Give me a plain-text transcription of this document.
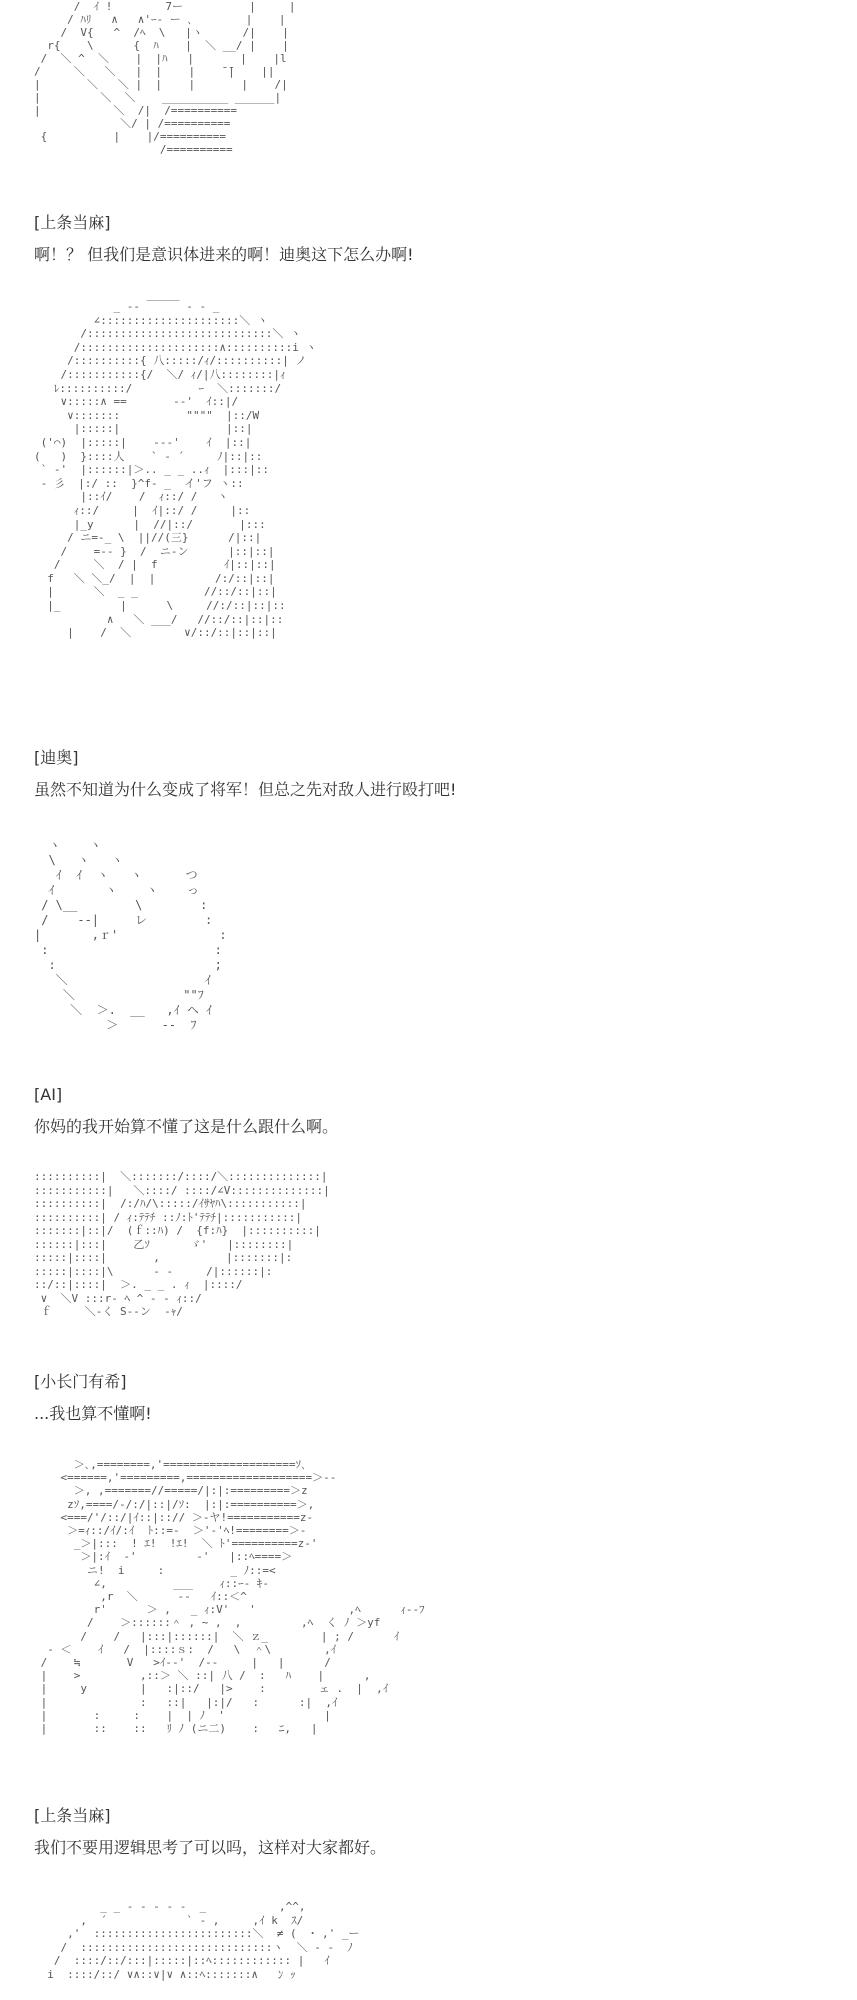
/  ｲ !        7ー          |     |
/ ﾊﾘ   ∧   ∧'ｰ- ー ､        |    |
/  V{   ^  /ﾍ  \   |ヽ      /|    |
r{    \      {  ﾊ    |  ＼ __/ |    |
/  ＼ ^  ＼    |  |ﾊ   |       |    |l
/     ＼   ＼   |  |    |    ̄ ̄|    ||
|       ＼   ＼ |  |    |       |    /|
|         ＼  ＼    __________ ______|
|           ＼  /|  /==========
＼/ | /==========
{          |    |/==========
/==========
[上条当麻]
啊！？ 但我们是意识体进来的啊！迪奥这下怎么办啊!
_ -‐ ￣￣￣ ‐ - _
∠:::::::::::::::::::::＼ ヽ
/::::::::::::::::::::::::::::＼ ヽ
/:::::::::::::::::::::∧::::::::::i ヽ
/::::::::::{ 八:::::/ｨ/::::::::::| ノ
/:::::::::::{/  ＼/ ｨ/|八::::::::|ｨ
ﾚ::::::::::/          ｰ  ＼:::::::/
∨:::::∧ ==       -‐'  ｲ::|/
∨:::::::          """"  |::/W
|:::::|                |::|
('⌒)  |:::::|    ‐‐‐'    ｲ  |::|
(   )  }::::人    ` ‐ ´     ﾉ|::|::
` ‐'  |::::::|＞.. _ _ ..ｨ  |:::|::
‐ 彡  |:/ ::  }^f- _  イ'フ ヽ::
|::ｲ/    /  ｨ::/ /   ヽ
ｨ::/     |  ｲ|::/ /     |::
|_y      |  //|::/       |:::
/ ニ=-_ \  ||//(三}      /|::|
/    =-‐ }  /  ニ-ン      |::|::|
/     ＼  / |  f          ｲ|::|::|
f   ＼ ＼_/  |  |         /:/::|::|
|      ＼  _ _          //::/::|::|
|_         |      \     //:/::|::|::
∧   ＼ ___/   //::/::|::|::
|    /  ＼        ∨/::/::|::|::|
[迪奥]
虽然不知道为什么变成了将军！但总之先对敌人进行殴打吧!
ヽ    ヽ
\   ヽ   ヽ
ｲ  ｲ  ヽ   ヽ      つ
ｲ       ヽ    ヽ    っ
/ \__        \        :
/    ‐‐|     レ        :
|       ,ｒ'              :
:                       :
:                      ;
＼                   ｲ
＼               ""ﾌ
＼  ＞.  __   ,ｲ ヘ ｲ
＞      ‐‐  ﾌ
[AI]
你妈的我开始算不懂了这是什么跟什么啊。
::::::::::|  ＼:::::::/::::/＼::::::::::::::|
:::::::::::|   ＼::::/ ::::/∠V::::::::::::::|
::::::::::|  /:/ﾊ/\:::::/ｲｻﾔﾊ\:::::::::::|
::::::::::| / ｨ:ﾃﾃﾁ ::ﾉ:ﾄ'ﾃﾃﾁ|:::::::::::|
:::::::|::|/  (ｆ::ﾊ) /  {f:ﾊ}  |::::::::::|
::::::|:::|    乙ｿ      ゞ'   |::::::::|
:::::|::::|       ,          |:::::::|:
:::::|::::|\      ‐ ‐     /|::::::|:
::/::|::::|  ＞. _ _ . ｨ  |::::/
∨  ＼V :::r- ﾍ ^ - ‐ ｨ::/
ｆ     ＼‐く S-‐ン  ‐ｬ/
[小长门有希]
...我也算不懂啊!
＞､,========,'====================ｿ､
<======,'=========,===================＞‐‐
＞, ,=======//=====/|:|:=========＞z
zｿ,====/‐/:/|::|/ｿ:  |:|:==========＞,
<===/'/::/|ｲ::|::// ＞‐ヤ!===========z‐
＞=ｨ::/ｲ/:ｲ  ﾄ::=-  ＞'‐'ﾍ!========＞‐
_＞|:::  ! ｴ!  !ｴ!  ＼ ﾄ'==========z‐'
＞|:ｲ  ‐'         ‐'   |::ﾍ====＞
ニ!  i     :          _ ﾉ::=<
∠,          ___    ｨ::ｰ‐ ｷ‐
,r  ＼      ‐‐   ｲ::＜^
r'      ＞ ,   _ ｨ:V'   '              ,ﾍ      ｨ--ﾌ
/    ＞::::::＾ , ~ ,  ,         ,ﾍ  く ﾉ ＞yf
/    /   |:::|::::::|  ＼ ｚ_        | ; /      ｲ
‐ ＜    ｲ   /  |::::ｓ:  /   \  ＾\        ,ｲ
/    ≒       V   >ｲ--'  /-‐     |   |      /
|    >         ,::＞ ＼ ::| 八 /  :   ﾊ    |      ,
|     y        |   :|::/   |>    :        ェ .  |  ,ｲ
|              :   ::|   |:|/   :      :|  ,ｲ
|       :     :    |  | ﾉ  '               |
|       ::    ::   ﾘ ﾉ (ニ二)    :   ﾆ,   |
[上条当麻]
我们不要用逻辑思考了可以吗，这样对大家都好。
_ _ ‐ ‐ ‐ ‐ ‐  _           ,^^,
,  ´            ` ‐ ,     ,ｲ k  ｽ/
,'  ::::::::::::::::::::::::＼  ≠ (  ･ ,' _ー
/  :::::::::::::::::::::::::::::ヽ  ＼ ‐ ‐  ﾉ
/  ::::/::/:::|:::::|::ﾍ:::::::::::: |   ｲ
i  ::::/::/ ∨∧::∨|∨ ∧::ﾍ:::::::∧   ﾝ ｯ
